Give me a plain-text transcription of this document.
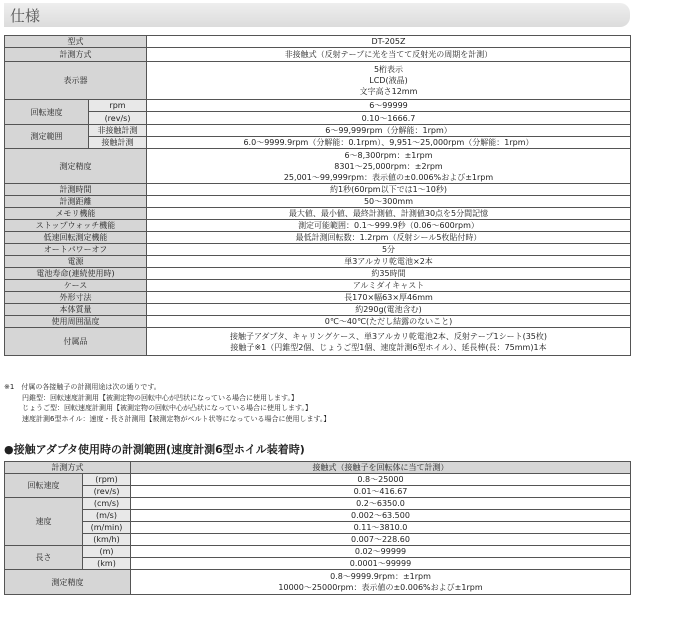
仕様
型式		DT-205Z
計測方式		非接触式（反射テープに光を当てて反射光の周期を計測）
表示器		5桁表示
LCD(液晶)
文字高さ12mm

回転速度	rpm	6～99999
	(rev/s)	0.10～1666.7
測定範囲	非接触計測	6～99,999rpm（分解能：1rpm）
	接触計測	6.0～9999.9rpm（分解能：0.1rpm）、9,951～25,000rpm（分解能：1rpm）
測定精度		6～8,300rpm：±1rpm
8301～25,000rpm：±2rpm
25,001～99,999rpm：表示値の±0.006%および±1rpm

計測時間		約1秒(60rpm以下では1～10秒)
計測距離		50～300mm
メモリ機能		最大値、最小値、最終計測値、計測値30点を5分間記憶
ストップウォッチ機能		測定可能範囲：0.1～999.9秒（0.06～600rpm）
低速回転測定機能		最低計測回転数：1.2rpm（反射シール5枚貼付時）
オートパワーオフ		5分
電源		単3アルカリ乾電池×2本
電池寿命(連続使用時)		約35時間
ケース		アルミダイキャスト
外形寸法		長170×幅63×厚46mm
本体質量		約290g(電池含む)
使用周囲温度		0℃～40℃(ただし結露のないこと)
付属品		接触子アダプタ、キャリングケース、単3アルカリ乾電池2本、反射テープ1シート(35枚)
接触子※1（円錐型2個、じょうご型1個、速度計測6型ホイル）、延長棒(長：75mm)1本
※1　付属の各接触子の計測用途は次の通りです。
円錐型：回転速度計測用【被測定物の回転中心が凹状になっている場合に使用します。】
じょうご型：回転速度計測用【被測定物の回転中心が凸状になっている場合に使用します。】
速度計測6型ホイル：速度・長さ計測用【被測定物がベルト状等になっている場合に使用します。】
●接触アダプタ使用時の計測範囲(速度計測6型ホイル装着時)
計測方式		接触式（接触子を回転体に当て計測）
回転速度	(rpm)	0.8～25000
	(rev/s)	0.01～416.67
速度	(cm/s)	0.2～6350.0
	(m/s)	0.002～63.500
	(m/min)	0.11～3810.0
	(km/h)	0.007～228.60
長さ	(m)	0.02～99999
	(km)	0.0001～99999
測定精度		0.8～9999.9rpm：±1rpm
10000～25000rpm：表示値の±0.006%および±1rpm
